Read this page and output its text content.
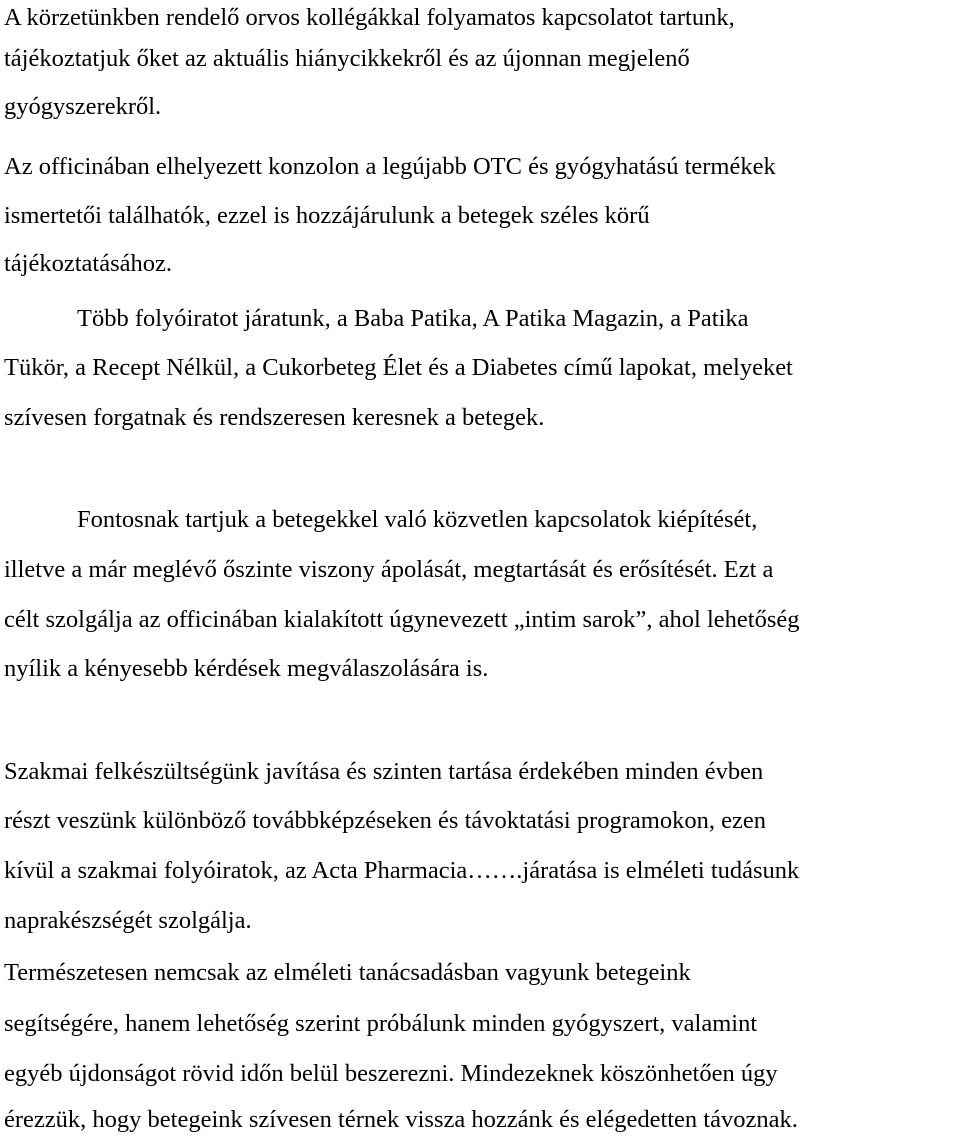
A körzetünkben rendelő orvos kollégákkal folyamatos kapcsolatot tartunk,
tájékoztatjuk őket az aktuális hiánycikkekről és az újonnan megjelenő
gyógyszerekről.
Az officinában elhelyezett konzolon a legújabb OTC és gyógyhatású termékek
ismertetői találhatók, ezzel is hozzájárulunk a betegek széles körű
tájékoztatásához.
Több folyóiratot járatunk, a Baba Patika, A Patika Magazin, a Patika
Tükör, a Recept Nélkül, a Cukorbeteg Élet és a Diabetes című lapokat, melyeket
szívesen forgatnak és rendszeresen keresnek a betegek.
Fontosnak tartjuk a betegekkel való közvetlen kapcsolatok kiépítését,
illetve a már meglévő őszinte viszony ápolását, megtartását és erősítését. Ezt a
célt szolgálja az officinában kialakított úgynevezett „intim sarok”, ahol lehetőség
nyílik a kényesebb kérdések megválaszolására is.
Szakmai felkészültségünk javítása és szinten tartása érdekében minden évben
részt veszünk különböző továbbképzéseken és távoktatási programokon, ezen
kívül a szakmai folyóiratok, az Acta Pharmacia…….járatása is elméleti tudásunk
naprakészségét szolgálja.
Természetesen nemcsak az elméleti tanácsadásban vagyunk betegeink
segítségére, hanem lehetőség szerint próbálunk minden gyógyszert, valamint
egyéb újdonságot rövid időn belül beszerezni. Mindezeknek köszönhetően úgy
érezzük, hogy betegeink szívesen térnek vissza hozzánk és elégedetten távoznak.
